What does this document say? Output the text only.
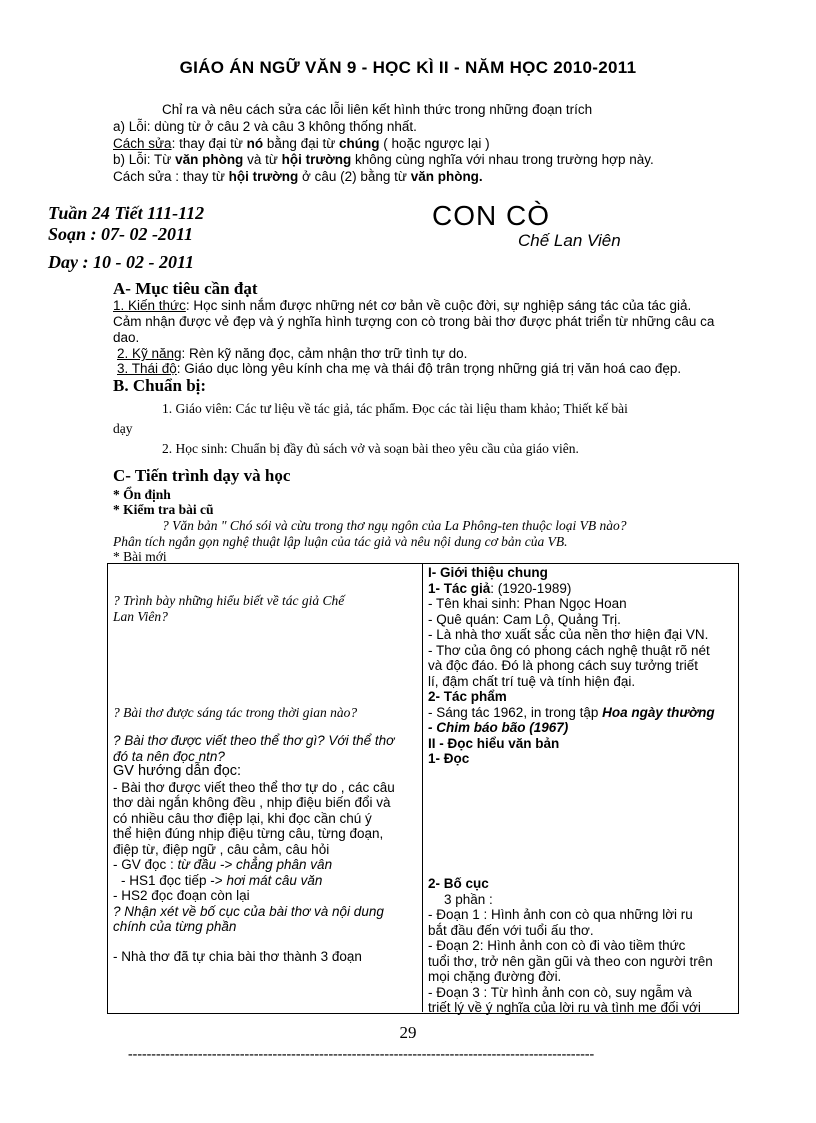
GIÁO ÁN NGỮ VĂN 9 - HỌC KÌ II - NĂM HỌC 2010-2011
Chỉ ra và nêu cách sửa các lỗi liên kết hình thức trong những đoạn trích
a) Lỗi: dùng từ ở câu 2 và câu 3 không thống nhất.
Cách sửa: thay đại từ nó bằng đại từ chúng ( hoặc ngược lại )
b) Lỗi: Từ văn phòng và từ hội trường không cùng nghĩa với nhau trong trường hợp này.
Cách sửa : thay từ hội trường ở câu (2) bằng từ văn phòng.
Tuần 24 Tiết 111-112
Soạn : 07- 02 -2011
Day : 10 - 02 - 2011
CON CÒ
Chế Lan Viên
A- Mục tiêu cần đạt
1. Kiến thức: Học sinh nắm được những nét cơ bản về cuộc đời, sự nghiệp sáng tác của tác giả.
Cảm nhận được vẻ đẹp và ý nghĩa hình tượng con cò trong bài thơ được phát triển từ những câu ca
dao.
2. Kỹ năng: Rèn kỹ năng đọc, cảm nhận thơ trữ tình tự do.
3. Thái độ: Giáo dục lòng yêu kính cha mẹ và thái độ trân trọng những giá trị văn hoá cao đẹp.
B. Chuẩn bị:
1. Giáo viên: Các tư liệu về tác giả, tác phẩm. Đọc các tài liệu tham khảo; Thiết kế bài
dạy
2. Học sinh: Chuẩn bị đầy đủ sách vở và soạn bài theo yêu cầu của giáo viên.
C- Tiến trình dạy và học
* Ổn định
* Kiểm tra bài cũ
? Văn bản " Chó sói và cừu trong thơ ngụ ngôn của La Phông-ten thuộc loại VB nào?
Phân tích ngắn gọn nghệ thuật lập luận của tác giả và nêu nội dung cơ bản của VB.
* Bài mới
? Trình bày những hiểu biết về tác giả Chế
Lan Viên?
? Bài thơ được sáng tác trong thời gian nào?
? Bài thơ được viết theo thể thơ gì? Với thể thơ
đó ta nên đọc ntn?
GV hướng dẫn đọc:
- Bài thơ được viết theo thể thơ tự do , các câu
thơ dài ngắn không đều , nhịp điệu biến đổi và
có nhiều câu thơ điệp lại, khi đọc cần chú ý
thể hiện đúng nhịp điệu từng câu, từng đoạn,
điệp từ, điệp ngữ , câu cảm, câu hỏi
- GV đọc : từ đầu -> chẳng phân vân
- HS1 đọc tiếp -> hơi mát câu văn
- HS2 đọc đoạn còn lại
? Nhận xét về bố cục của bài thơ và nội dung
chính của từng phần
- Nhà thơ đã tự chia bài thơ thành 3 đoạn
I- Giới thiệu chung
1- Tác giả: (1920-1989)
- Tên khai sinh: Phan Ngọc Hoan
- Quê quán: Cam Lộ, Quảng Trị.
- Là nhà thơ xuất sắc của nền thơ hiện đại VN.
- Thơ của ông có phong cách nghệ thuật rõ nét
và độc đáo. Đó là phong cách suy tưởng triết
lí, đậm chất trí tuệ và tính hiện đại.
2- Tác phẩm
- Sáng tác 1962, in trong tập Hoa ngày thường
- Chim báo bão (1967)
II - Đọc hiểu văn bản
1- Đọc
2- Bố cục
3 phần :
- Đoạn 1 : Hình ảnh con cò qua những lời ru
bắt đầu đến với tuổi ấu thơ.
- Đoạn 2: Hình ảnh con cò đi vào tiềm thức
tuổi thơ, trở nên gần gũi và theo con người trên
mọi chặng đường đời.
- Đoạn 3 : Từ hình ảnh con cò, suy ngẫm và
triết lý về ý nghĩa của lời ru và tình mẹ đối với
29
----------------------------------------------------------------------------------------------------
